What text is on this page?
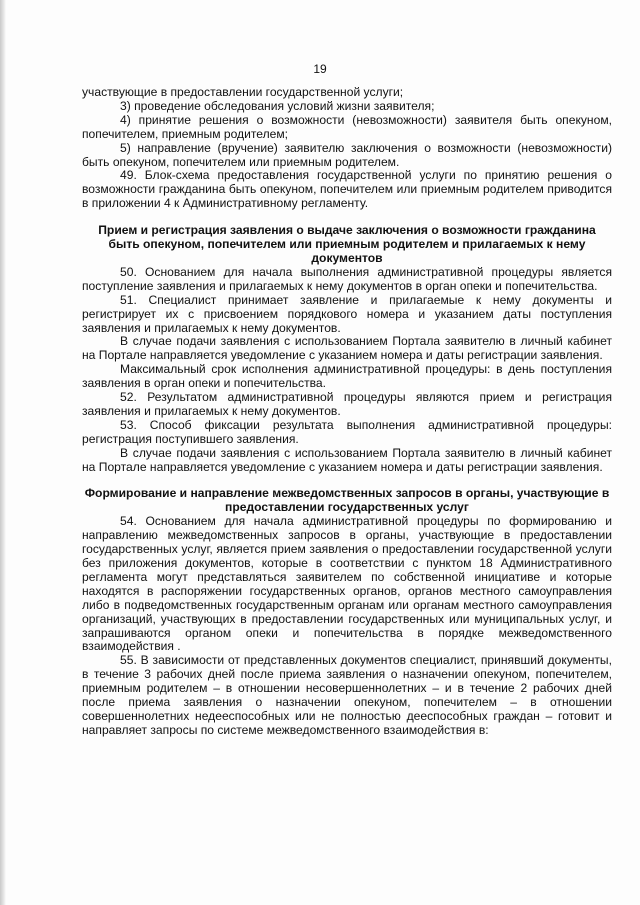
19

участвующие в предоставлении государственной услуги;

3) проведение обследования условий жизни заявителя;

4) принятие решения о возможности (невозможности) заявителя быть опекуном, попечителем, приемным родителем;

5) направление (вручение) заявителю заключения о возможности (невозможности) быть опекуном, попечителем или приемным родителем.

49. Блок-схема предоставления государственной услуги по принятию решения о возможности гражданина быть опекуном, попечителем или приемным родителем приводится в приложении 4 к Административному регламенту.

Прием и регистрация заявления о выдаче заключения о возможности гражданина быть опекуном, попечителем или приемным родителем и прилагаемых к нему документов

50. Основанием для начала выполнения административной процедуры является поступление заявления и прилагаемых к нему документов в орган опеки и попечительства.

51. Специалист принимает заявление и прилагаемые к нему документы и регистрирует их с присвоением порядкового номера и указанием даты поступления заявления и прилагаемых к нему документов.

В случае подачи заявления с использованием Портала заявителю в личный кабинет на Портале направляется уведомление с указанием номера и даты регистрации заявления.

Максимальный срок исполнения административной процедуры: в день поступления заявления в орган опеки и попечительства.

52. Результатом административной процедуры являются прием и регистрация заявления и прилагаемых к нему документов.

53. Способ фиксации результата выполнения административной процедуры: регистрация поступившего заявления.

В случае подачи заявления с использованием Портала заявителю в личный кабинет на Портале направляется уведомление с указанием номера и даты регистрации заявления.

Формирование и направление межведомственных запросов в органы, участвующие в предоставлении государственных услуг

54. Основанием для начала административной процедуры по формированию и направлению межведомственных запросов в органы, участвующие в предоставлении государственных услуг, является прием заявления о предоставлении государственной услуги без приложения документов, которые в соответствии с пунктом 18 Административного регламента могут представляться заявителем по собственной инициативе и которые находятся в распоряжении государственных органов, органов местного самоуправления либо в подведомственных государственным органам или органам местного самоуправления организаций, участвующих в предоставлении государственных или муниципальных услуг, и запрашиваются органом опеки и попечительства в порядке межведомственного взаимодействия .

55. В зависимости от представленных документов специалист, принявший документы, в течение 3 рабочих дней после приема заявления о назначении опекуном, попечителем, приемным родителем – в отношении несовершеннолетних – и в течение 2 рабочих дней после приема заявления о назначении опекуном, попечителем – в отношении совершеннолетних недееспособных или не полностью дееспособных граждан – готовит и направляет запросы по системе межведомственного взаимодействия в:
